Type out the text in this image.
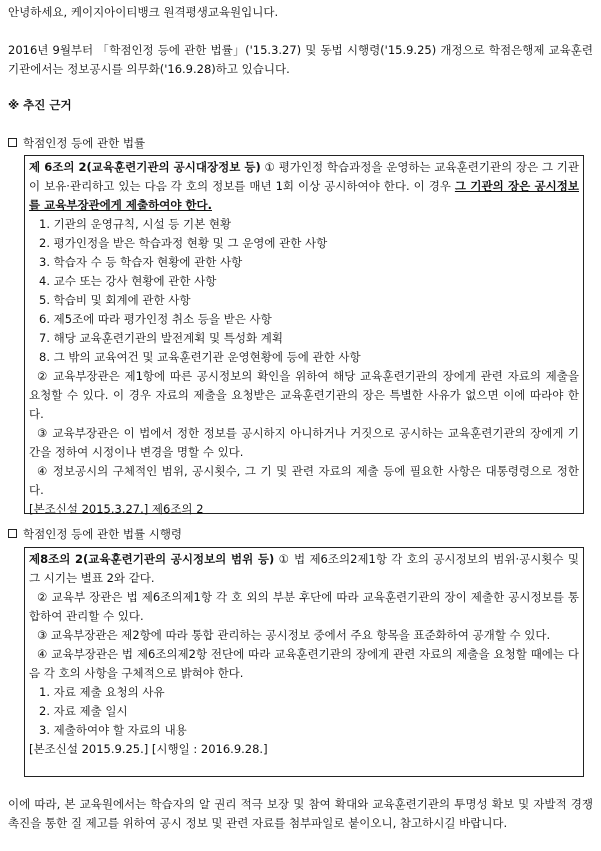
안녕하세요, 케이지아이티뱅크 원격평생교육원입니다.

2016년 9월부터 「학점인정 등에 관한 법률」('15.3.27) 및 동법 시행령('15.9.25) 개정으로 학점은행제 교육훈련기관에서는 정보공시를 의무화('16.9.28)하고 있습니다.

※ 추진 근거

학점인정 등에 관한 법률

제 6조의 2(교육훈련기관의 공시대장정보 등) ① 평가인정 학습과정을 운영하는 교육훈련기관의 장은 그 기관이 보유·관리하고 있는 다음 각 호의 정보를 매년 1회 이상 공시하여야 한다. 이 경우 그 기관의 장은 공시정보를 교육부장관에게 제출하여야 한다.

1. 기관의 운영규칙, 시설 등 기본 현황

2. 평가인정을 받은 학습과정 현황 및 그 운영에 관한 사항

3. 학습자 수 등 학습자 현황에 관한 사항

4. 교수 또는 강사 현황에 관한 사항

5. 학습비 및 회계에 관한 사항

6. 제5조에 따라 평가인정 취소 등을 받은 사항

7. 해당 교육훈련기관의 발전계획 및 특성화 계획

8. 그 밖의 교육여건 및 교육훈련기관 운영현황에 등에 관한 사항

② 교육부장관은 제1항에 따른 공시정보의 확인을 위하여 해당 교육훈련기관의 장에게 관련 자료의 제출을 요청할 수 있다. 이 경우 자료의 제출을 요청받은 교육훈련기관의 장은 특별한 사유가 없으면 이에 따라야 한다.

③ 교육부장관은 이 법에서 정한 정보를 공시하지 아니하거나 거짓으로 공시하는 교육훈련기관의 장에게 기간을 정하여 시정이나 변경을 명할 수 있다.

④ 정보공시의 구체적인 범위, 공시횟수, 그 기 및 관련 자료의 제출 등에 필요한 사항은 대통령령으로 정한다.

[본조신설 2015.3.27.] 제6조의 2

학점인정 등에 관한 법률 시행령

제8조의 2(교육훈련기관의 공시정보의 범위 등) ① 법 제6조의2제1항 각 호의 공시정보의 범위·공시횟수 및 그 시기는 별표 2와 같다.

② 교육부 장관은 법 제6조의제1항 각 호 외의 부분 후단에 따라 교육훈련기관의 장이 제출한 공시정보를 통합하여 관리할 수 있다.

③ 교육부장관은 제2항에 따라 통합 관리하는 공시정보 중에서 주요 항목을 표준화하여 공개할 수 있다.

④ 교육부장관은 법 제6조의제2항 전단에 따라 교육훈련기관의 장에게 관련 자료의 제출을 요청할 때에는 다음 각 호의 사항을 구체적으로 밝혀야 한다.

1. 자료 제출 요청의 사유

2. 자료 제출 일시

3. 제출하여야 할 자료의 내용

[본조신설 2015.9.25.] [시행일 : 2016.9.28.]

이에 따라, 본 교육원에서는 학습자의 알 권리 적극 보장 및 참여 확대와 교육훈련기관의 투명성 확보 및 자발적 경쟁 촉진을 통한 질 제고를 위하여 공시 정보 및 관련 자료를 첨부파일로 붙이오니, 참고하시길 바랍니다.
